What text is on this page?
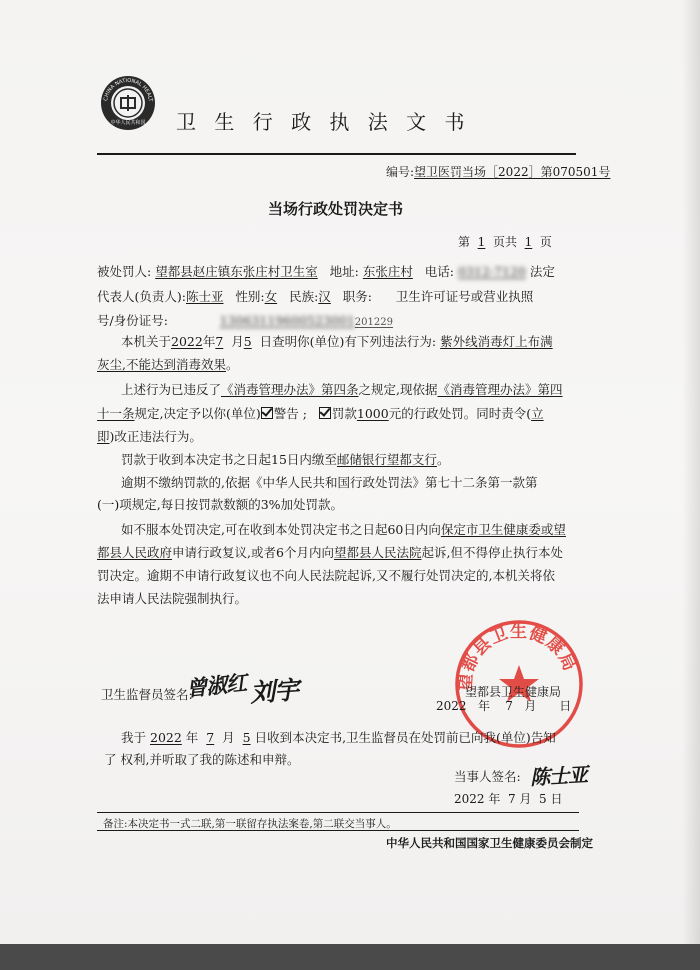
CHINA NATIONAL HEALT
中华人民共和国 卫 生 行 政 执 法 文 书
编号:望卫医罚当场［2022］第070501号
当场行政处罚决定书
第 1 页共 1 页
被处罚人: 望都县赵庄镇东张庄村卫生室 地址: 东张庄村 电话: 0312-7120 法定
代表人(负责人):陈士亚 性别:女 民族:汉 职务: 卫生许可证号或营业执照
号/身份证号:	13063119600523001201229
本机关于2022年7 月5 日查明你(单位)有下列违法行为: 紫外线消毒灯上布满
灰尘,不能达到消毒效果。
上述行为已违反了《消毒管理办法》第四条之规定,现依据《消毒管理办法》第四
十一条规定,决定予以你(单位) 警告 ; 罚款1000元的行政处罚。同时责令(立
即)改正违法行为。
罚款于收到本决定书之日起15日内缴至邮储银行望都支行。
逾期不缴纳罚款的,依据《中华人民共和国行政处罚法》第七十二条第一款第
(一)项规定,每日按罚款数额的3%加处罚款。
如不服本处罚决定,可在收到本处罚决定书之日起60日内向保定市卫生健康委或望
都县人民政府申请行政复议,或者6个月内向望都县人民法院起诉,但不得停止执行本处
罚决定。逾期不申请行政复议也不向人民法院起诉,又不履行处罚决定的,本机关将依
法申请人民法院强制执行。
望都县卫生健康局
卫生监督员签名:
曾淑红 刘宇	望都县卫生健康局
2022 年 7 月 日
我于 2022 年 7 月 5 日收到本决定书,卫生监督员在处罚前已向我(单位)告知
了 权利,并听取了我的陈述和申辩。
当事人签名: 陈士亚
2022 年  7 月  5 日
备注:本决定书一式二联,第一联留存执法案卷,第二联交当事人。
中华人民共和国国家卫生健康委员会制定
